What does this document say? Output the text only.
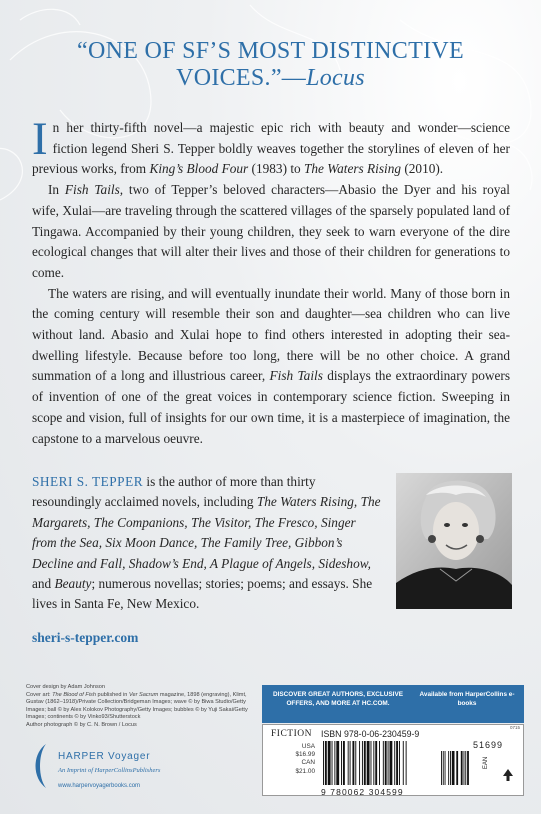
“ONE OF SF’S MOST DISTINCTIVE
VOICES.”—Locus

In her thirty-fifth novel—a majestic epic rich with beauty and wonder—science fiction legend Sheri S. Tepper boldly weaves together the storylines of eleven of her previous works, from King’s Blood Four (1983) to The Waters Rising (2010).

In Fish Tails, two of Tepper’s beloved characters—Abasio the Dyer and his royal wife, Xulai—are traveling through the scattered villages of the sparsely populated land of Tingawa. Accompanied by their young children, they seek to warn everyone of the dire ecological changes that will alter their lives and those of their children for generations to come.

The waters are rising, and will eventually inundate their world. Many of those born in the coming century will resemble their son and daughter—sea children who can live without land. Abasio and Xulai hope to find others interested in adopting their sea-dwelling lifestyle. Because before too long, there will be no other choice. A grand summation of a long and illustrious career, Fish Tails displays the extraordinary powers of invention of one of the great voices in contemporary science fiction. Sweeping in scope and vision, full of insights for our own time, it is a masterpiece of imagination, the capstone to a marvelous oeuvre.

SHERI S. TEPPER is the author of more than thirty resoundingly acclaimed novels, including The Waters Rising, The Margarets, The Companions, The Visitor, The Fresco, Singer from the Sea, Six Moon Dance, The Family Tree, Gibbon’s Decline and Fall, Shadow’s End, A Plague of Angels, Sideshow, and Beauty; numerous novellas; stories; poems; and essays. She lives in Santa Fe, New Mexico.
sheri-s-tepper.com
Cover design by Adam Johnson
Cover art: The Blood of Fish published in Ver Sacrum magazine, 1898 (engraving), Klimt, Gustav (1862–1918)/Private Collection/Bridgeman Images; wave © by Biwa Studio/Getty Images; ball © by Alex Kolokov Photography/Getty Images; bubbles © by Yuji Sakai/Getty Images; continents © by Vinko93/Shutterstock
Author photograph © by C. N. Brown / Locus
HARPER Voyager
An Imprint of HarperCollinsPublishers
www.harpervoyagerbooks.com
DISCOVER GREAT AUTHORS, EXCLUSIVE OFFERS, AND MORE AT HC.COM.
Available from HarperCollins e-books
FICTION ISBN 978-0-06-230459-9
USA
$16.99
CAN
$21.00
9 780062 304599
51699
EAN
0715
